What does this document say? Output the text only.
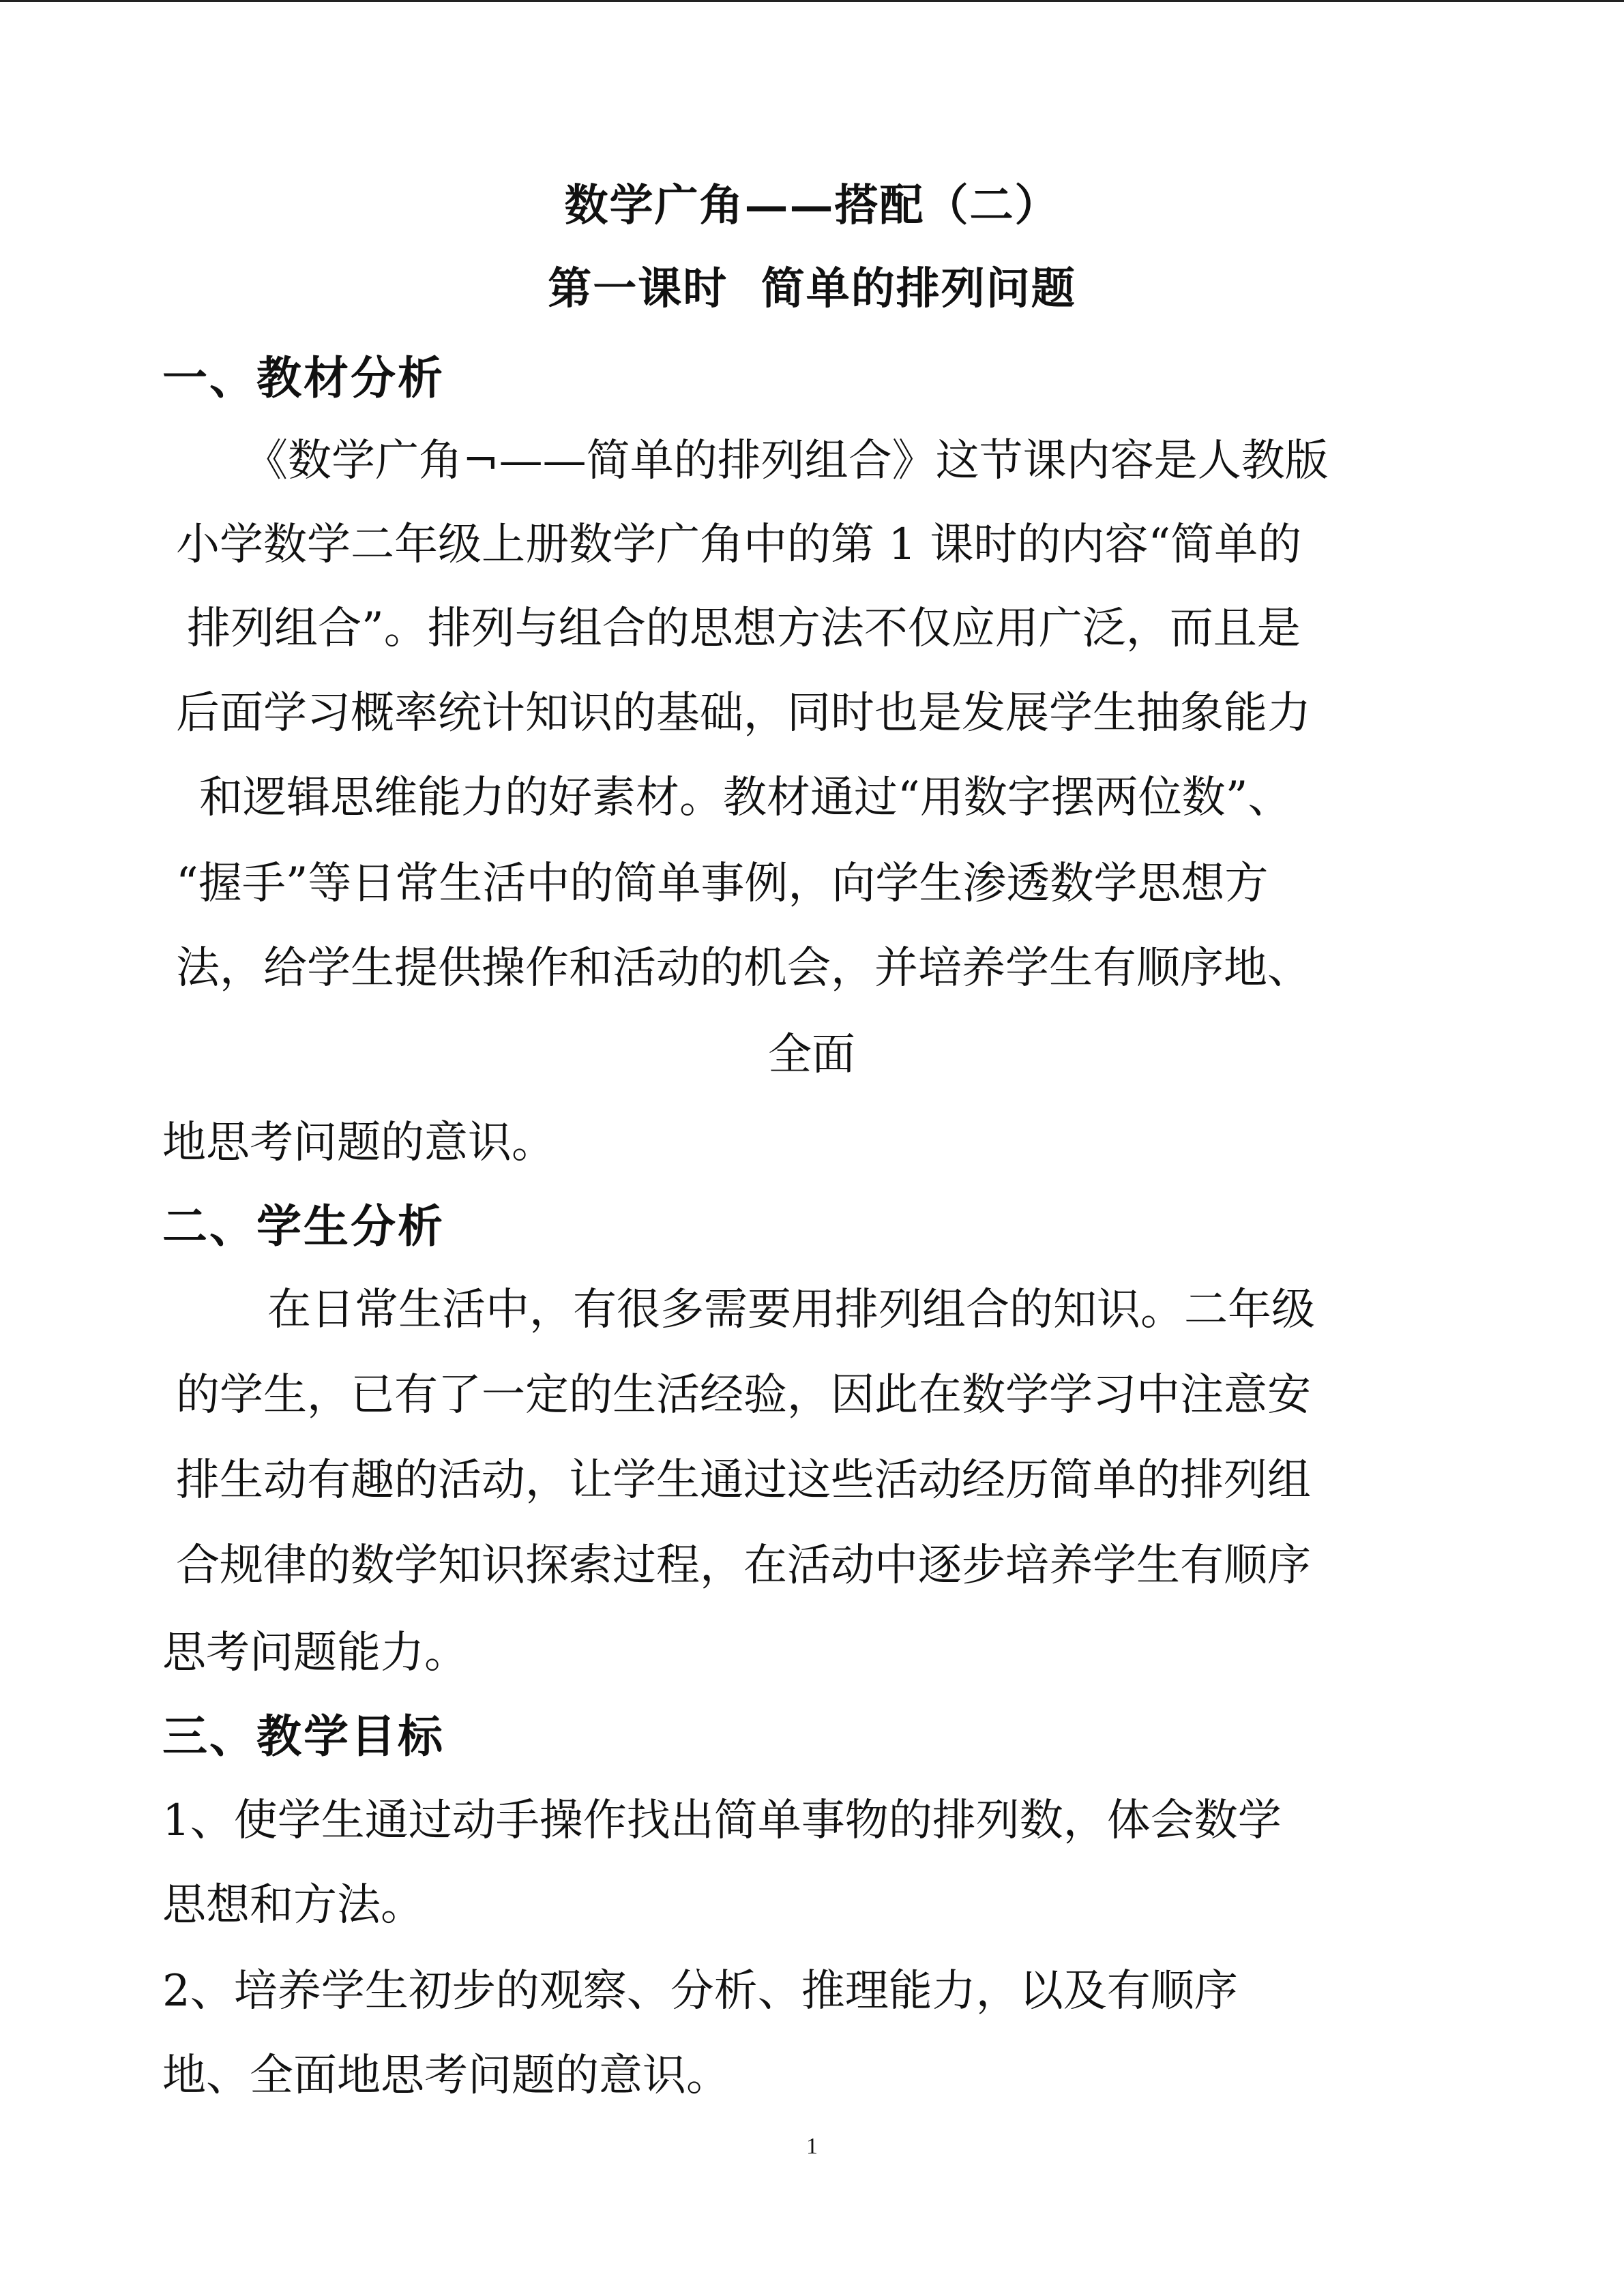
数学广角——搭配（二）
第一课时  简单的排列问题
一、教材分析
《数学广角¬——简单的排列组合》这节课内容是人教版
小学数学二年级上册数学广角中的第 1 课时的内容“简单的
排列组合”。排列与组合的思想方法不仅应用广泛，而且是
后面学习概率统计知识的基础，同时也是发展学生抽象能力
和逻辑思维能力的好素材。教材通过“用数字摆两位数”、
“握手”等日常生活中的简单事例，向学生渗透数学思想方
法，给学生提供操作和活动的机会，并培养学生有顺序地、
全面
地思考问题的意识。
二、学生分析
在日常生活中，有很多需要用排列组合的知识。二年级
的学生，已有了一定的生活经验，因此在数学学习中注意安
排生动有趣的活动，让学生通过这些活动经历简单的排列组
合规律的数学知识探索过程，在活动中逐步培养学生有顺序
思考问题能力。
三、教学目标
1、使学生通过动手操作找出简单事物的排列数，体会数学
思想和方法。
2、培养学生初步的观察、分析、推理能力，以及有顺序
地、全面地思考问题的意识。
1
